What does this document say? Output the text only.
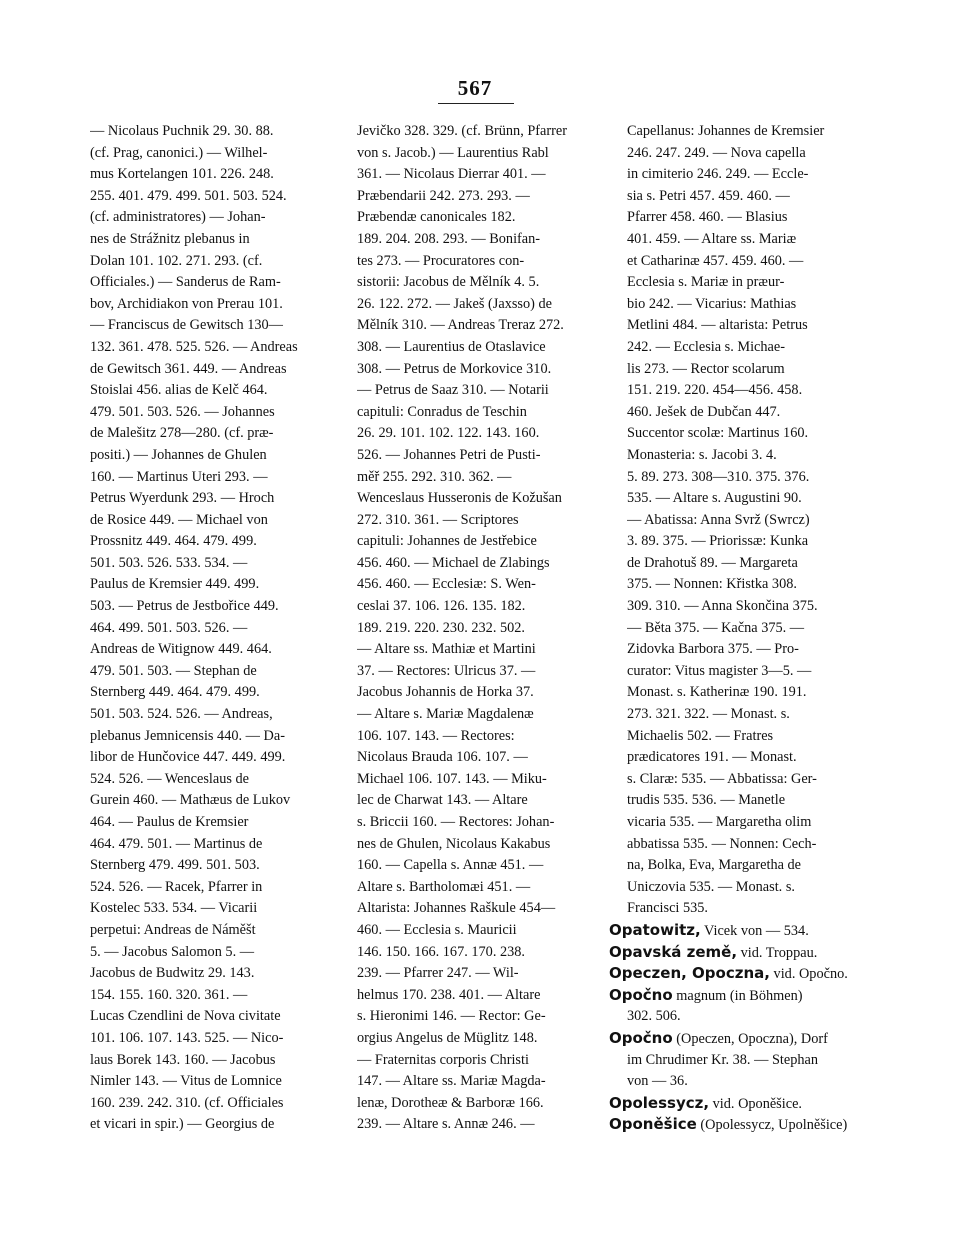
567
— Nicolaus Puchnik 29. 30. 88.
(cf. Prag, canonici.) — Wilhel-
mus Kortelangen 101. 226. 248.
255. 401. 479. 499. 501. 503. 524.
(cf. administratores) — Johan-
nes de Strážnitz plebanus in
Dolan 101. 102. 271. 293. (cf.
Officiales.) — Sanderus de Ram-
bov, Archidiakon von Prerau 101.
— Franciscus de Gewitsch 130—
132. 361. 478. 525. 526. — Andreas
de Gewitsch 361. 449. — Andreas
Stoislai 456. alias de Kelč 464.
479. 501. 503. 526. — Johannes
de Malešitz 278—280. (cf. præ-
positi.) — Johannes de Ghulen
160. — Martinus Uteri 293. —
Petrus Wyerdunk 293. — Hroch
de Rosice 449. — Michael von
Prossnitz 449. 464. 479. 499.
501. 503. 526. 533. 534. —
Paulus de Kremsier 449. 499.
503. — Petrus de Jestbořice 449.
464. 499. 501. 503. 526. —
Andreas de Witignow 449. 464.
479. 501. 503. — Stephan de
Sternberg 449. 464. 479. 499.
501. 503. 524. 526. — Andreas,
plebanus Jemnicensis 440. — Da-
libor de Hunčovice 447. 449. 499.
524. 526. — Wenceslaus de
Gurein 460. — Mathæus de Lukov
464. — Paulus de Kremsier
464. 479. 501. — Martinus de
Sternberg 479. 499. 501. 503.
524. 526. — Racek, Pfarrer in
Kostelec 533. 534. — Vicarii
perpetui: Andreas de Náměšt
5. — Jacobus Salomon 5. —
Jacobus de Budwitz 29. 143.
154. 155. 160. 320. 361. —
Lucas Czendlini de Nova civitate
101. 106. 107. 143. 525. — Nico-
laus Borek 143. 160. — Jacobus
Nimler 143. — Vitus de Lomnice
160. 239. 242. 310. (cf. Officiales
et vicari in spir.) — Georgius de
Jevičko 328. 329. (cf. Brünn, Pfarrer
von s. Jacob.) — Laurentius Rabl
361. — Nicolaus Dierrar 401. —
Præbendarii 242. 273. 293. —
Præbendæ canonicales 182.
189. 204. 208. 293. — Bonifan-
tes 273. — Procuratores con-
sistorii: Jacobus de Mělník 4. 5.
26. 122. 272. — Jakeš (Jaxsso) de
Mělník 310. — Andreas Treraz 272.
308. — Laurentius de Otaslavice
308. — Petrus de Morkovice 310.
— Petrus de Saaz 310. — Notarii
capituli: Conradus de Teschin
26. 29. 101. 102. 122. 143. 160.
526. — Johannes Petri de Pusti-
měř 255. 292. 310. 362. —
Wenceslaus Husseronis de Kožušan
272. 310. 361. — Scriptores
capituli: Johannes de Jestřebice
456. 460. — Michael de Zlabings
456. 460. — Ecclesiæ: S. Wen-
ceslai 37. 106. 126. 135. 182.
189. 219. 220. 230. 232. 502.
— Altare ss. Mathiæ et Martini
37. — Rectores: Ulricus 37. —
Jacobus Johannis de Horka 37.
— Altare s. Mariæ Magdalenæ
106. 107. 143. — Rectores:
Nicolaus Brauda 106. 107. —
Michael 106. 107. 143. — Miku-
lec de Charwat 143. — Altare
s. Briccii 160. — Rectores: Johan-
nes de Ghulen, Nicolaus Kakabus
160. — Capella s. Annæ 451. —
Altare s. Bartholomæi 451. —
Altarista: Johannes Raškule 454—
460. — Ecclesia s. Mauricii
146. 150. 166. 167. 170. 238.
239. — Pfarrer 247. — Wil-
helmus 170. 238. 401. — Altare
s. Hieronimi 146. — Rector: Ge-
orgius Angelus de Müglitz 148.
— Fraternitas corporis Christi
147. — Altare ss. Mariæ Magda-
lenæ, Dorotheæ & Barboræ 166.
239. — Altare s. Annæ 246. —
Capellanus: Johannes de Kremsier
246. 247. 249. — Nova capella
in cimiterio 246. 249. — Eccle-
sia s. Petri 457. 459. 460. —
Pfarrer 458. 460. — Blasius
401. 459. — Altare ss. Mariæ
et Catharinæ 457. 459. 460. —
Ecclesia s. Mariæ in præur-
bio 242. — Vicarius: Mathias
Metlini 484. — altarista: Petrus
242. — Ecclesia s. Michae-
lis 273. — Rector scolarum
151. 219. 220. 454—456. 458.
460. Ješek de Dubčan 447.
Succentor scolæ: Martinus 160.
Monasteria: s. Jacobi 3. 4.
5. 89. 273. 308—310. 375. 376.
535. — Altare s. Augustini 90.
— Abatissa: Anna Svrž (Swrcz)
3. 89. 375. — Priorissæ: Kunka
de Drahotuš 89. — Margareta
375. — Nonnen: Křistka 308.
309. 310. — Anna Skončina 375.
— Běta 375. — Kačna 375. —
Zidovka Barbora 375. — Pro-
curator: Vitus magister 3—5. —
Monast. s. Katherinæ 190. 191.
273. 321. 322. — Monast. s.
Michaelis 502. — Fratres
prædicatores 191. — Monast.
s. Claræ: 535. — Abbatissa: Ger-
trudis 535. 536. — Manetle
vicaria 535. — Margaretha olim
abbatissa 535. — Nonnen: Cech-
na, Bolka, Eva, Margaretha de
Uniczovia 535. — Monast. s.
Francisci 535.
Opatowitz, Vicek von — 534.
Opavská země, vid. Troppau.
Opeczen, Opoczna, vid. Opočno.
Opočno magnum (in Böhmen)
302. 506.
Opočno (Opeczen, Opoczna), Dorf
im Chrudimer Kr. 38. — Stephan
von — 36.
Opolessycz, vid. Oponěšice.
Oponěšice (Opolessycz, Upolněšice)
